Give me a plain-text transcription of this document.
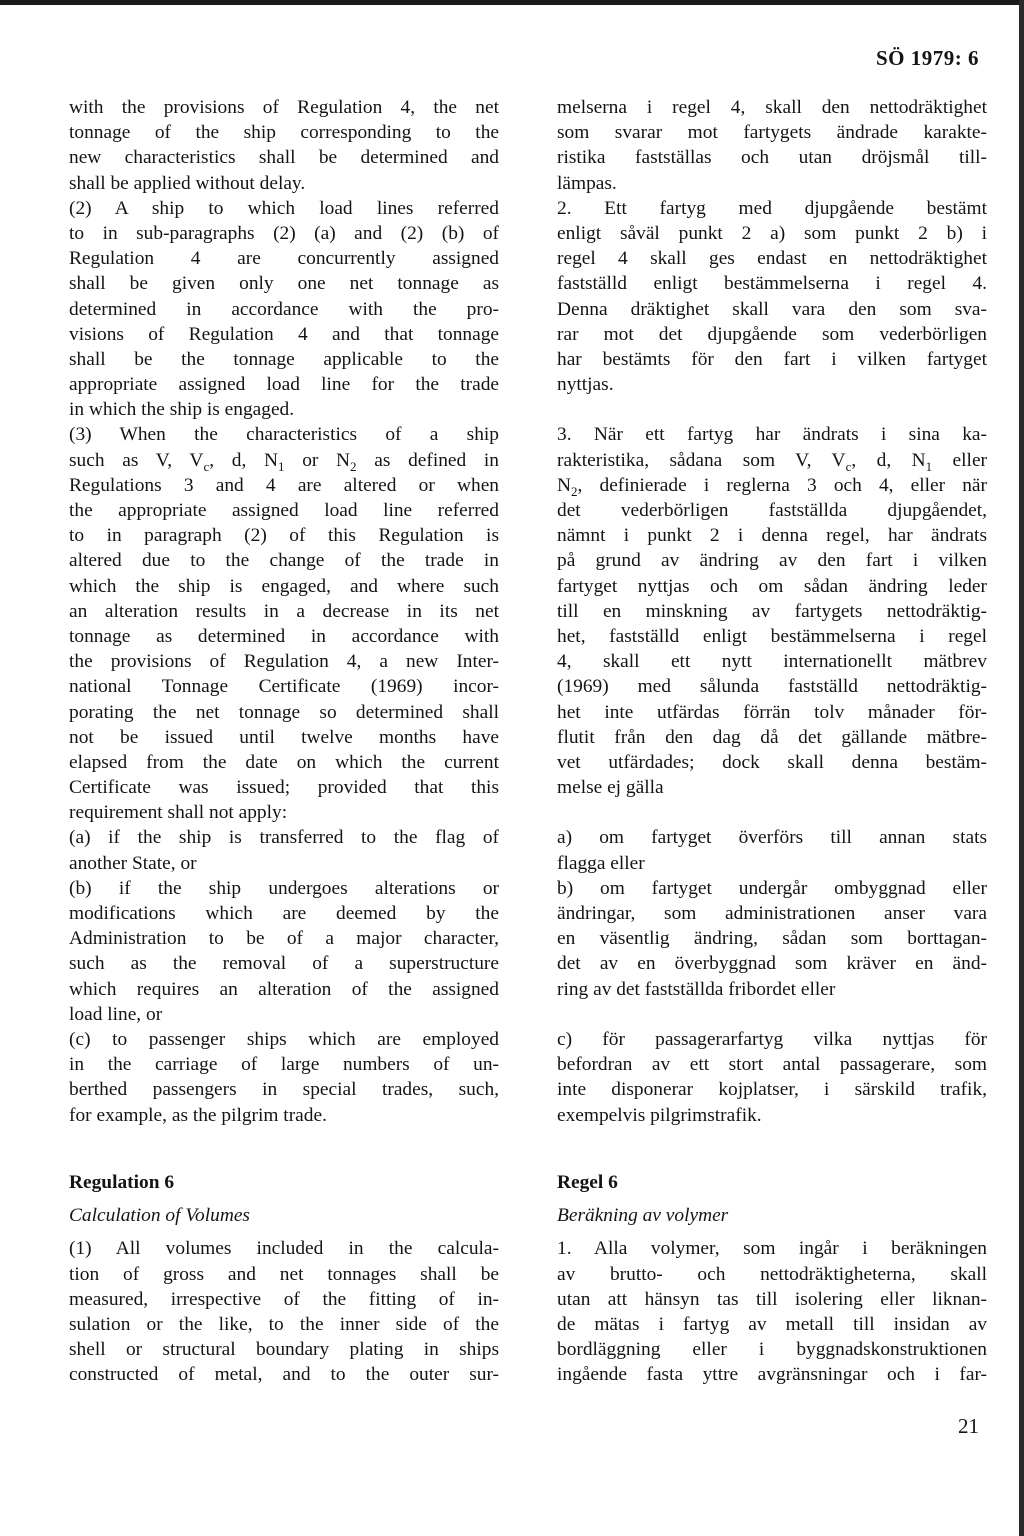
SÖ 1979: 6
with the provisions of Regulation 4, the net
tonnage of the ship corresponding to the
new characteristics shall be determined and
shall be applied without delay.
(2) A ship to which load lines referred
to in sub-paragraphs (2) (a) and (2) (b) of
Regulation 4 are concurrently assigned
shall be given only one net tonnage as
determined in accordance with the pro-
visions of Regulation 4 and that tonnage
shall be the tonnage applicable to the
appropriate assigned load line for the trade
in which the ship is engaged.
(3) When the characteristics of a ship
such as V, $V_c$, d, $N_1$ or $N_2$ as defined in
Regulations 3 and 4 are altered or when
the appropriate assigned load line referred
to in paragraph (2) of this Regulation is
altered due to the change of the trade in
which the ship is engaged, and where such
an alteration results in a decrease in its net
tonnage as determined in accordance with
the provisions of Regulation 4, a new Inter-
national Tonnage Certificate (1969) incor-
porating the net tonnage so determined shall
not be issued until twelve months have
elapsed from the date on which the current
Certificate was issued; provided that this
requirement shall not apply:
(a) if the ship is transferred to the flag of
another State, or
(b) if the ship undergoes alterations or
modifications which are deemed by the
Administration to be of a major character,
such as the removal of a superstructure
which requires an alteration of the assigned
load line, or
(c) to passenger ships which are employed
in the carriage of large numbers of un-
berthed passengers in special trades, such,
for example, as the pilgrim trade.
melserna i regel 4, skall den nettodräktighet
som svarar mot fartygets ändrade karakte-
ristika fastställas och utan dröjsmål till-
lämpas.
2. Ett fartyg med djupgående bestämt
enligt såväl punkt 2 a) som punkt 2 b) i
regel 4 skall ges endast en nettodräktighet
fastställd enligt bestämmelserna i regel 4.
Denna dräktighet skall vara den som sva-
rar mot det djupgående som vederbörligen
har bestämts för den fart i vilken fartyget
nyttjas.
3. När ett fartyg har ändrats i sina ka-
rakteristika, sådana som V, $V_c$, d, $N_1$ eller
$N_2$, definierade i reglerna 3 och 4, eller när
det vederbörligen fastställda djupgåendet,
nämnt i punkt 2 i denna regel, har ändrats
på grund av ändring av den fart i vilken
fartyget nyttjas och om sådan ändring leder
till en minskning av fartygets nettodräktig-
het, fastställd enligt bestämmelserna i regel
4, skall ett nytt internationellt mätbrev
(1969) med sålunda fastställd nettodräktig-
het inte utfärdas förrän tolv månader för-
flutit från den dag då det gällande mätbre-
vet utfärdades; dock skall denna bestäm-
melse ej gälla
a) om fartyget överförs till annan stats
flagga eller
b) om fartyget undergår ombyggnad eller
ändringar, som administrationen anser vara
en väsentlig ändring, sådan som borttagan-
det av en överbyggnad som kräver en änd-
ring av det fastställda fribordet eller
c) för passagerarfartyg vilka nyttjas för
befordran av ett stort antal passagerare, som
inte disponerar kojplatser, i särskild trafik,
exempelvis pilgrimstrafik.
Regulation 6
Calculation of Volumes
(1) All volumes included in the calcula-
tion of gross and net tonnages shall be
measured, irrespective of the fitting of in-
sulation or the like, to the inner side of the
shell or structural boundary plating in ships
constructed of metal, and to the outer sur-
Regel 6
Beräkning av volymer
1. Alla volymer, som ingår i beräkningen
av brutto- och nettodräktigheterna, skall
utan att hänsyn tas till isolering eller liknan-
de mätas i fartyg av metall till insidan av
bordläggning eller i byggnadskonstruktionen
ingående fasta yttre avgränsningar och i far-
21
